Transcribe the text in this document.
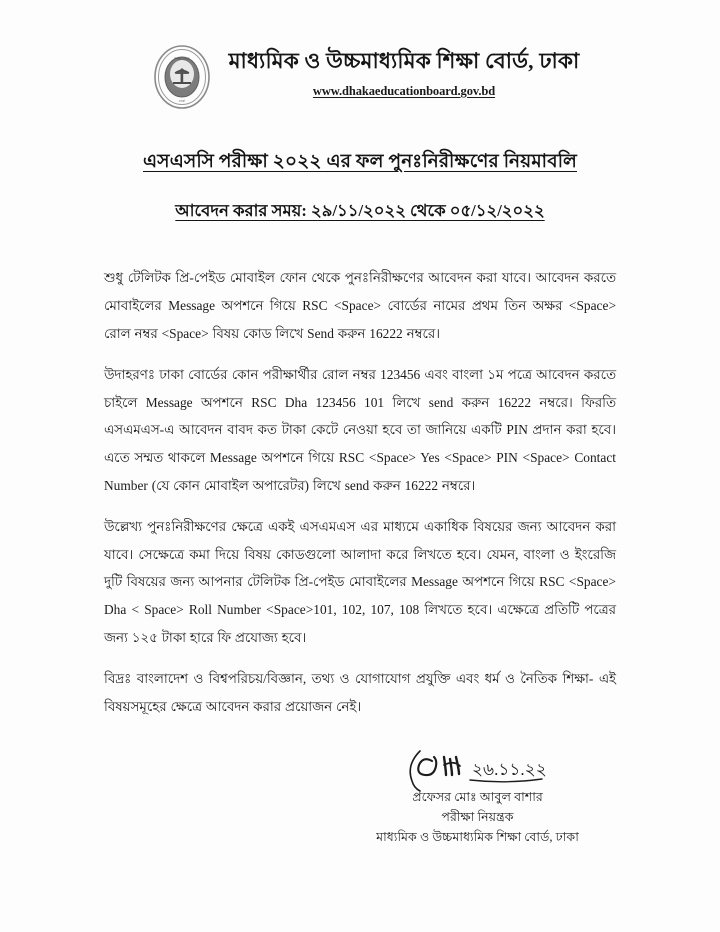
শিক্ষা বোর্ড
ঢাকা
মাধ্যমিক ও উচ্চমাধ্যমিক শিক্ষা বোর্ড, ঢাকা
www.dhakaeducationboard.gov.bd
এসএসসি পরীক্ষা ২০২২ এর ফল পুনঃনিরীক্ষণের নিয়মাবলি
আবেদন করার সময়: ২৯/১১/২০২২ থেকে ০৫/১২/২০২২

শুধু টেলিটক প্রি-পেইড মোবাইল ফোন থেকে পুনঃনিরীক্ষণের আবেদন করা যাবে। আবেদন করতে মোবাইলের Message অপশনে গিয়ে RSC <Space> বোর্ডের নামের প্রথম তিন অক্ষর <Space> রোল নম্বর <Space> বিষয় কোড লিখে Send করুন 16222 নম্বরে।

উদাহরণঃ ঢাকা বোর্ডের কোন পরীক্ষার্থীর রোল নম্বর 123456 এবং বাংলা ১ম পত্রে আবেদন করতে চাইলে Message অপশনে RSC Dha 123456 101 লিখে send করুন 16222 নম্বরে। ফিরতি এসএমএস-এ আবেদন বাবদ কত টাকা কেটে নেওয়া হবে তা জানিয়ে একটি PIN প্রদান করা হবে। এতে সম্মত থাকলে Message অপশনে গিয়ে RSC <Space> Yes <Space> PIN <Space> Contact Number (যে কোন মোবাইল অপারেটর) লিখে send করুন 16222 নম্বরে।

উল্লেখ্য পুনঃনিরীক্ষণের ক্ষেত্রে একই এসএমএস এর মাধ্যমে একাধিক বিষয়ের জন্য আবেদন করা যাবে। সেক্ষেত্রে কমা দিয়ে বিষয় কোডগুলো আলাদা করে লিখতে হবে। যেমন, বাংলা ও ইংরেজি দুটি বিষয়ের জন্য আপনার টেলিটক প্রি-পেইড মোবাইলের Message অপশনে গিয়ে RSC <Space> Dha < Space> Roll Number <Space>101, 102, 107, 108 লিখতে হবে। এক্ষেত্রে প্রতিটি পত্রের জন্য ১২৫ টাকা হারে ফি প্রযোজ্য হবে।

বিদ্রঃ বাংলাদেশ ও বিশ্বপরিচয়/বিজ্ঞান, তথ্য ও যোগাযোগ প্রযুক্তি এবং ধর্ম ও নৈতিক শিক্ষা- এই বিষয়সমূহের ক্ষেত্রে আবেদন করার প্রয়োজন নেই।

২৬.১১.২২
প্রফেসর মোঃ আবুল বাশার
পরীক্ষা নিয়ন্ত্রক
মাধ্যমিক ও উচ্চমাধ্যমিক শিক্ষা বোর্ড, ঢাকা
